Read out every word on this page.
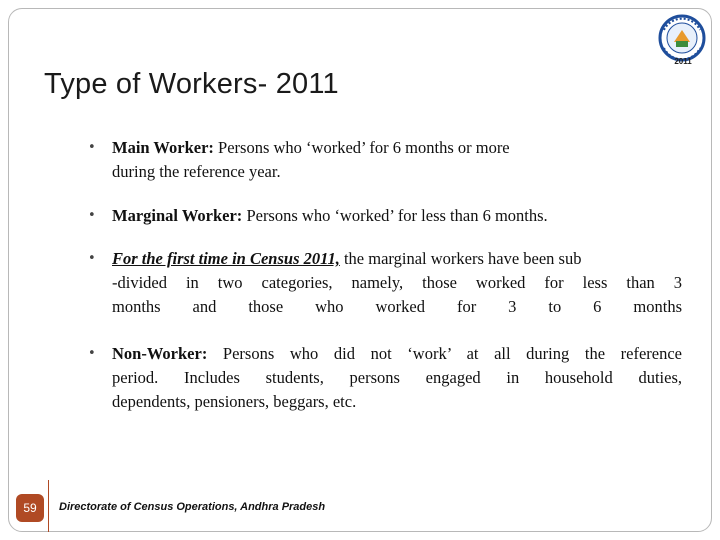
2011
Type of Workers- 2011
• Main Worker: Persons who ‘worked’ for 6 months or more
during the reference year.
• Marginal Worker: Persons who ‘worked’ for less than 6 months.
• For the first time in Census 2011, the marginal workers have been sub
-divided in two categories, namely, those worked for less than 3
months and those who worked for 3 to 6 months
• Non-Worker: Persons who did not ‘work’ at all during the reference
period. Includes students, persons engaged in household duties,
dependents, pensioners, beggars, etc.
59	Directorate of Census Operations, Andhra Pradesh
